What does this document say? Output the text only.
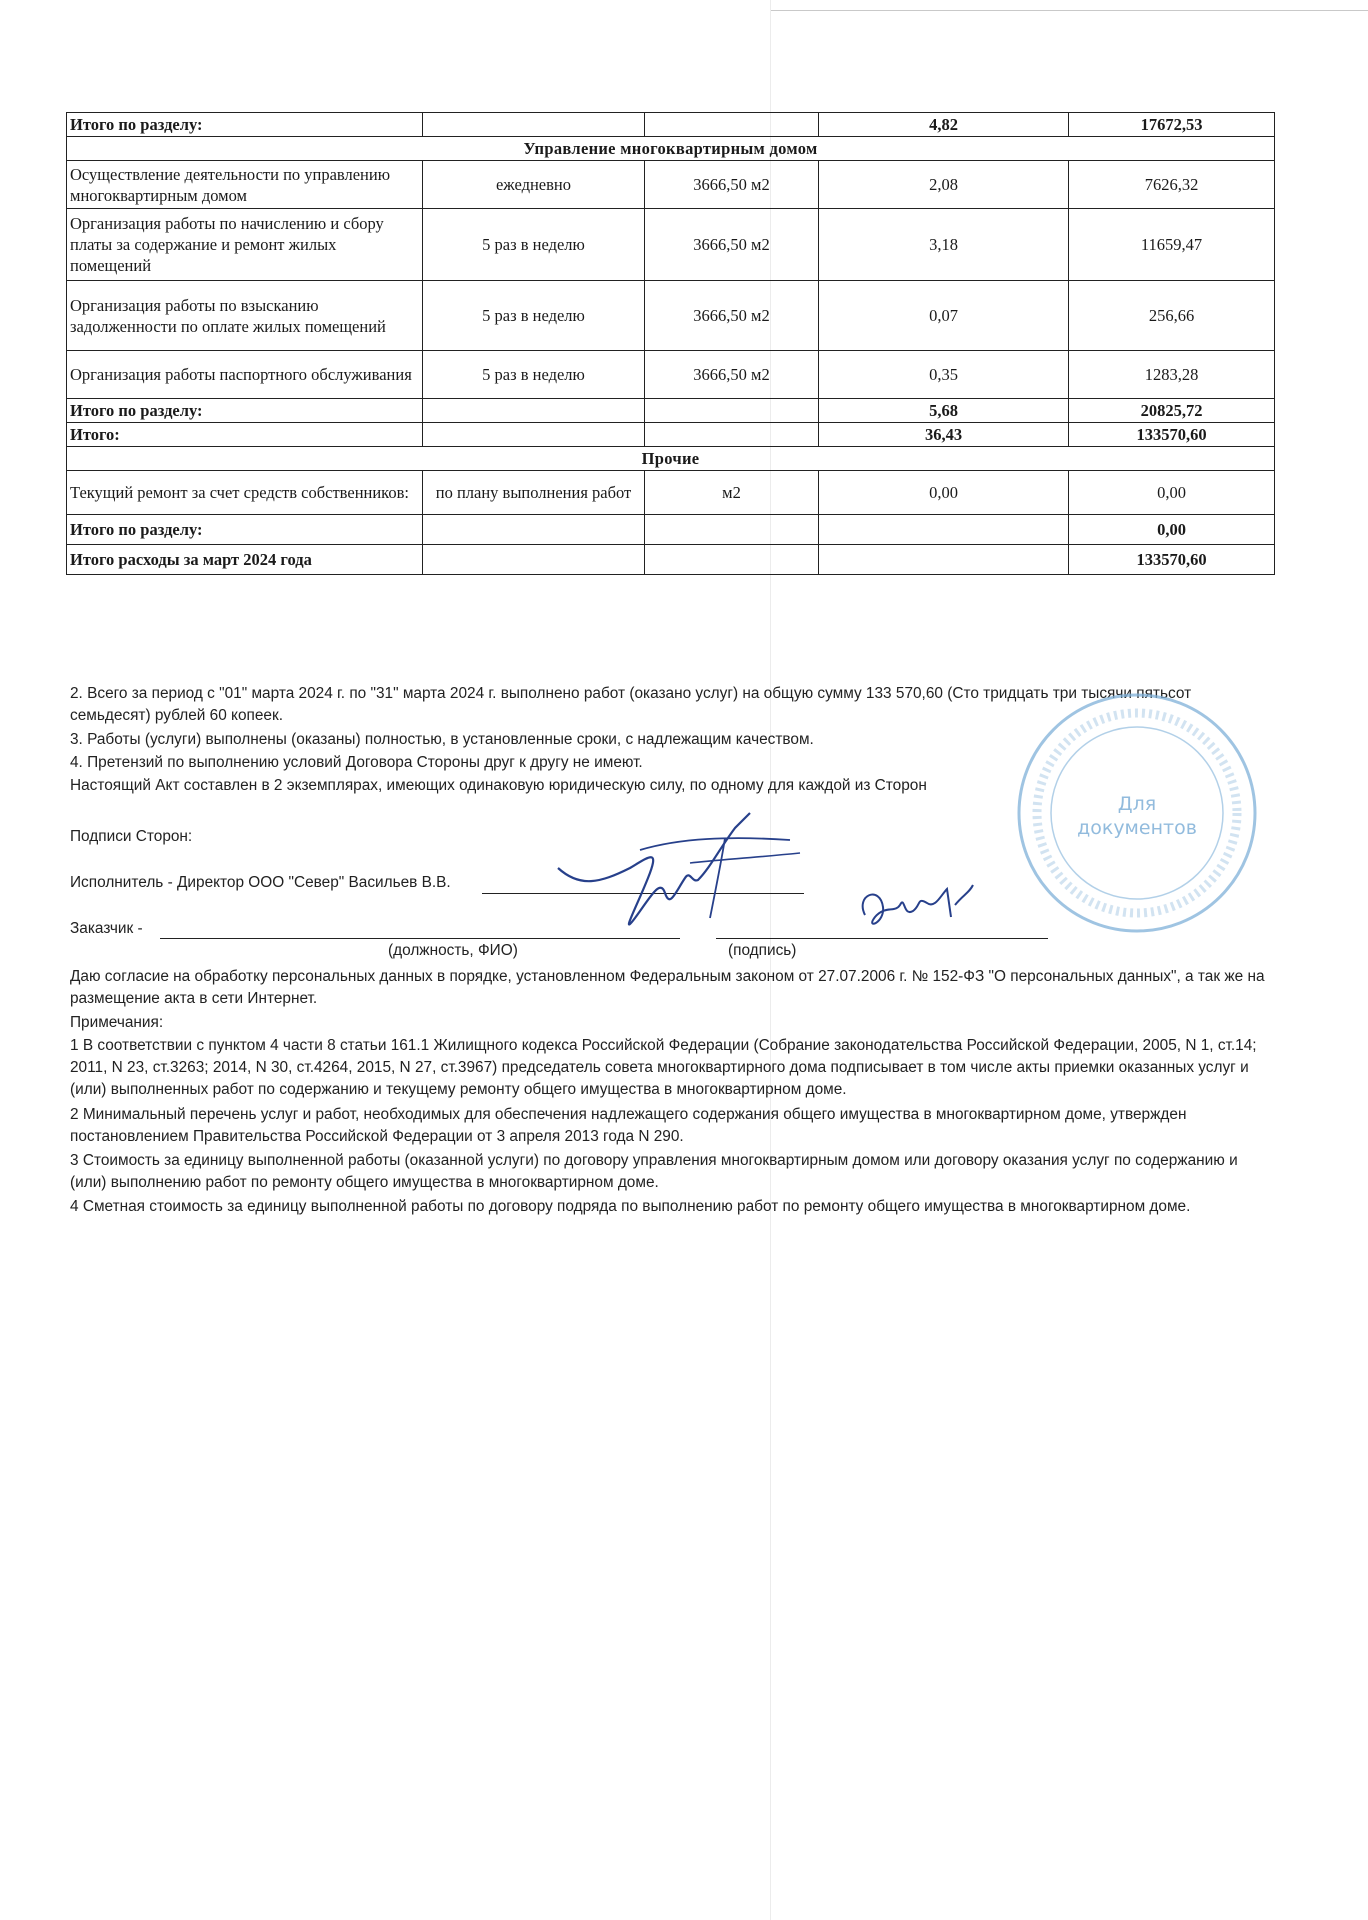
Итого по разделу:			4,82	17672,53
Управление многоквартирным домом				
Осуществление деятельности по управлению многоквартирным домом	ежедневно	3666,50 м2	2,08	7626,32
Организация работы по начислению и сбору платы за содержание и ремонт жилых помещений	5 раз в неделю	3666,50 м2	3,18	11659,47
Организация работы по взысканию задолженности по оплате жилых помещений	5 раз в неделю	3666,50 м2	0,07	256,66
Организация работы паспортного обслуживания	5 раз в неделю	3666,50 м2	0,35	1283,28
Итого по разделу:			5,68	20825,72
Итого:			36,43	133570,60
Прочие				
Текущий ремонт за счет средств собственников:	по плану выполнения работ	м2	0,00	0,00
Итого по разделу:				0,00
Итого расходы за март 2024 года				133570,60
2. Всего за период с "01" марта 2024 г. по "31" марта 2024 г. выполнено работ (оказано услуг) на общую сумму 133 570,60 (Сто тридцать три тысячи пятьсот семьдесят) рублей 60 копеек.
3. Работы (услуги) выполнены (оказаны) полностью, в установленные сроки, с надлежащим качеством.
4. Претензий по выполнению условий Договора Стороны друг к другу не имеют.
Настоящий Акт составлен в 2 экземплярах, имеющих одинаковую юридическую силу, по одному для каждой из Сторон
Подписи Сторон:
Исполнитель - Директор ООО "Север" Васильев В.В.
Заказчик -
(должность, ФИО)	(подпись)
Даю согласие на обработку персональных данных в порядке, установленном Федеральным законом от 27.07.2006 г. № 152-ФЗ "О персональных данных", а так же на размещение акта в сети Интернет.
Примечания:
1 В соответствии с пунктом 4 части 8 статьи 161.1 Жилищного кодекса Российской Федерации (Собрание законодательства Российской Федерации, 2005, N 1, ст.14; 2011, N 23, ст.3263; 2014, N 30, ст.4264, 2015, N 27, ст.3967) председатель совета многоквартирного дома подписывает в том числе акты приемки оказанных услуг и (или) выполненных работ по содержанию и текущему ремонту общего имущества в многоквартирном доме.
2 Минимальный перечень услуг и работ, необходимых для обеспечения надлежащего содержания общего имущества в многоквартирном доме, утвержден постановлением Правительства Российской Федерации от 3 апреля 2013 года N 290.
3 Стоимость за единицу выполненной работы (оказанной услуги) по договору управления многоквартирным домом или договору оказания услуг по содержанию и (или) выполнению работ по ремонту общего имущества в многоквартирном доме.
4 Сметная стоимость за единицу выполненной работы по договору подряда по выполнению работ по ремонту общего имущества в многоквартирном доме.
Для
документов
